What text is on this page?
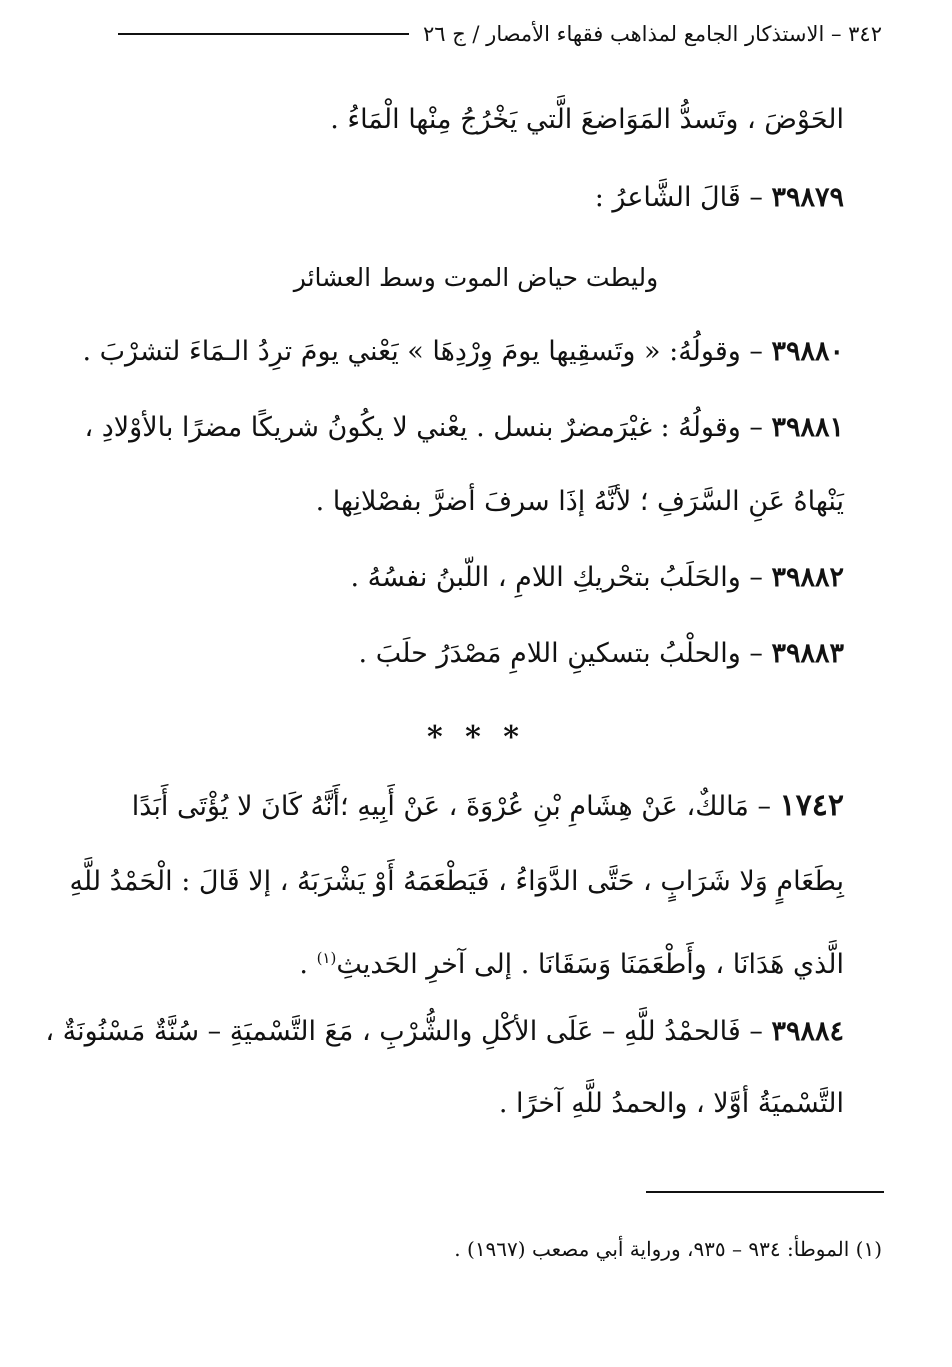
٣٤٢ – الاستذكار الجامع لمذاهب فقهاء الأمصار / ج ٢٦
الحَوْضَ ، وتَسدُّ المَوَاضعَ الَّتي يَخْرُجُ مِنْها الْمَاءُ .
٣٩٨٧٩ – قَالَ الشَّاعرُ :
وليطت حياض الموت وسط العشائر
٣٩٨٨٠ – وقولُهُ: « وتَسقِيها يومَ وِرْدِهَا » يَعْني يومَ ترِدُ الـمَاءَ لتشرْبَ .
٣٩٨٨١ – وقولُهُ : غيْرَمضرٌ بنسل . يعْني لا يكُونُ شريكًا مضرًا بالأوْلادِ ،
يَنْهاهُ عَنِ السَّرَفِ ؛ لأنَّهُ إذَا سرفَ أضرَّ بفصْلانِها .
٣٩٨٨٢ – والحَلَبُ بتحْريكِ اللامِ ، اللّبنُ نفسُهُ .
٣٩٨٨٣ – والحلْبُ بتسكينِ اللامِ مَصْدَرُ حلَبَ .
* * *
١٧٤٢ – مَالكٌ، عَنْ هِشَامِ بْنِ عُرْوَةَ ، عَنْ أَبِيهِ ؛أَنَّهُ كَانَ لا يُؤْتَى أَبَدًا
بِطَعَامٍ وَلا شَرَابٍ ، حَتَّى الدَّوَاءُ ، فَيَطْعَمَهُ أَوْ يَشْرَبَهُ ، إلا قَالَ : الْحَمْدُ للَّهِ
الَّذي هَدَانَا ، وأَطْعَمَنَا وَسَقَانَا . إلى آخرِ الحَديثِ$^{(١)}$ .
٣٩٨٨٤ – فَالحمْدُ للَّهِ – عَلَى الأكْلِ والشُّرْبِ ، مَعَ التَّسْميَةِ – سُنَّةٌ مَسْنُونَةٌ ،
التَّسْميَةُ أوَّلا ، والحمدُ للَّهِ آخرًا .
(١) الموطأ: ٩٣٤ – ٩٣٥، ورواية أبي مصعب (١٩٦٧) .
